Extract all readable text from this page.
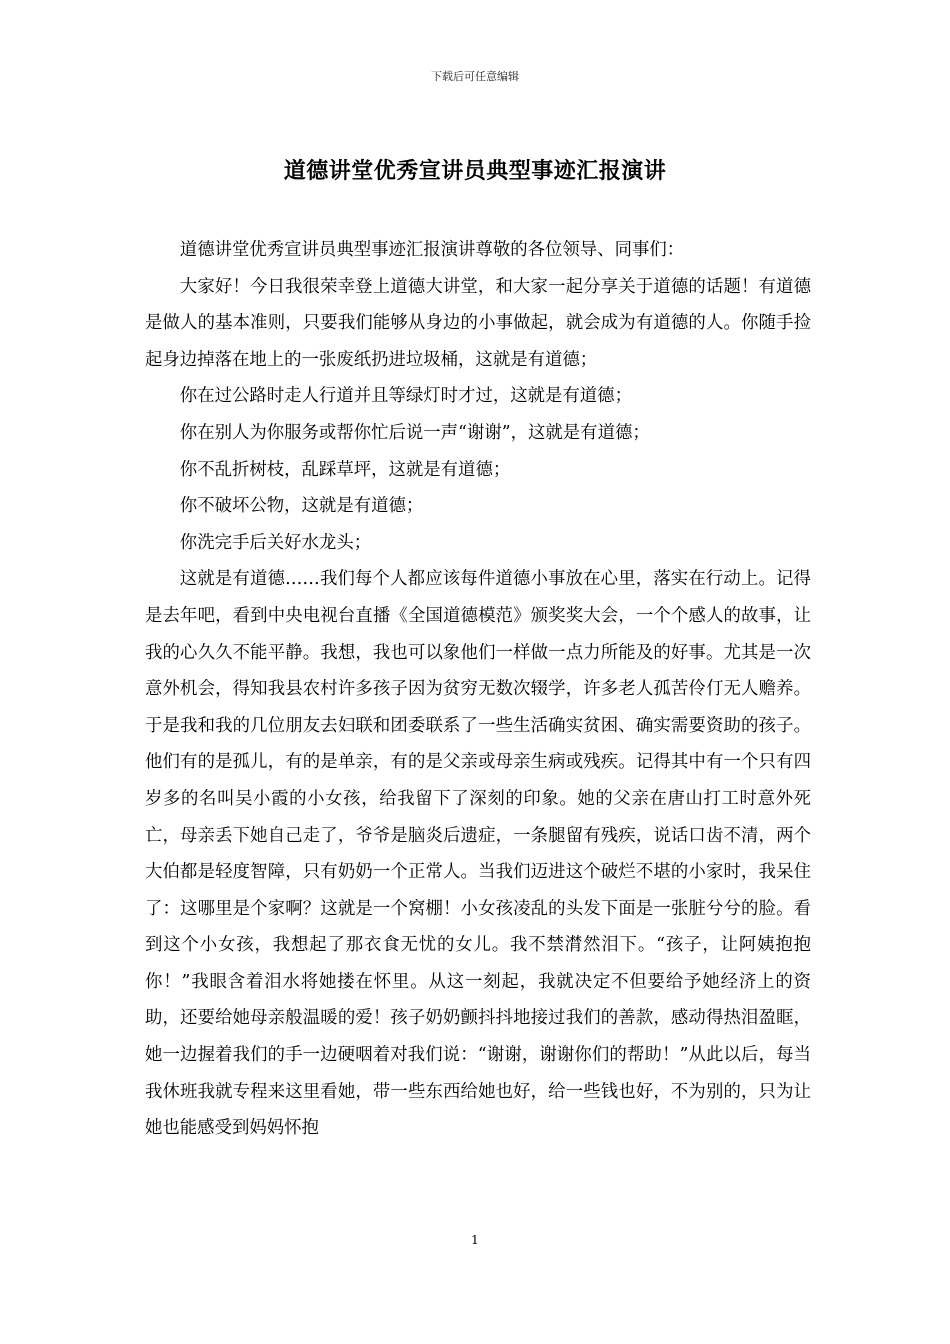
下载后可任意编辑
道德讲堂优秀宣讲员典型事迹汇报演讲

道德讲堂优秀宣讲员典型事迹汇报演讲尊敬的各位领导、同事们：

大家好！今日我很荣幸登上道德大讲堂，和大家一起分享关于道德的话题！有道德是做人的基本准则，只要我们能够从身边的小事做起，就会成为有道德的人。你随手捡起身边掉落在地上的一张废纸扔进垃圾桶，这就是有道德；

你在过公路时走人行道并且等绿灯时才过，这就是有道德；

你在别人为你服务或帮你忙后说一声“谢谢”，这就是有道德；

你不乱折树枝，乱踩草坪，这就是有道德；

你不破坏公物，这就是有道德；

你洗完手后关好水龙头；

这就是有道德……我们每个人都应该每件道德小事放在心里，落实在行动上。记得是去年吧，看到中央电视台直播《全国道德模范》颁奖奖大会，一个个感人的故事，让我的心久久不能平静。我想，我也可以象他们一样做一点力所能及的好事。尤其是一次意外机会，得知我县农村许多孩子因为贫穷无数次辍学，许多老人孤苦伶仃无人赡养。于是我和我的几位朋友去妇联和团委联系了一些生活确实贫困、确实需要资助的孩子。他们有的是孤儿，有的是单亲，有的是父亲或母亲生病或残疾。记得其中有一个只有四岁多的名叫吴小霞的小女孩，给我留下了深刻的印象。她的父亲在唐山打工时意外死亡，母亲丢下她自己走了，爷爷是脑炎后遗症，一条腿留有残疾，说话口齿不清，两个大伯都是轻度智障，只有奶奶一个正常人。当我们迈进这个破烂不堪的小家时，我呆住了：这哪里是个家啊？这就是一个窝棚！小女孩凌乱的头发下面是一张脏兮兮的脸。看到这个小女孩，我想起了那衣食无忧的女儿。我不禁潸然泪下。“孩子，让阿姨抱抱你！”我眼含着泪水将她搂在怀里。从这一刻起，我就决定不但要给予她经济上的资助，还要给她母亲般温暖的爱！孩子奶奶颤抖抖地接过我们的善款，感动得热泪盈眶，她一边握着我们的手一边硬咽着对我们说：“谢谢，谢谢你们的帮助！”从此以后，每当我休班我就专程来这里看她，带一些东西给她也好，给一些钱也好，不为别的，只为让她也能感受到妈妈怀抱

1
